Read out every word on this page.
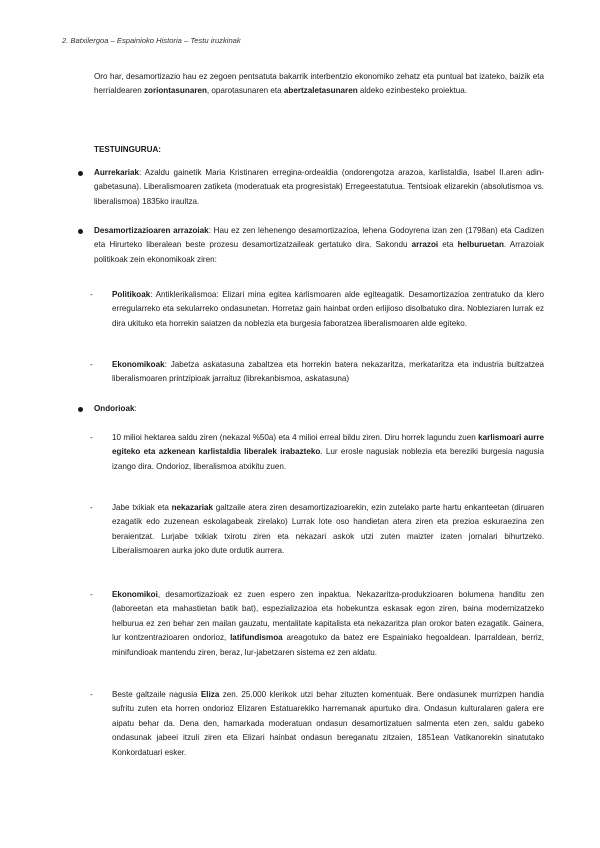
2. Batxilergoa – Espainioko Historia – Testu iruzkinak

Oro har, desamortizazio hau ez zegoen pentsatuta bakarrik interbentzio ekonomiko zehatz eta puntual bat izateko, baizik eta herrialdearen zoriontasunaren, oparotasunaren eta abertzaletasunaren aldeko ezinbesteko proiektua.

TESTUINGURUA:
Aurrekariak: Azaldu gainetik Maria Kristinaren erregina-ordealdia (ondorengotza arazoa, karlistaldia, Isabel II.aren adin-gabetasuna). Liberalismoaren zatiketa (moderatuak eta progresistak) Erregeestatutua. Tentsioak elizarekin (absolutismoa vs. liberalismoa) 1835ko iraultza.
Desamortizazioaren arrazoiak: Hau ez zen lehenengo desamortizazioa, lehena Godoyrena izan zen (1798an) eta Cadizen eta Hirurteko liberalean beste prozesu desamortizatzaileak gertatuko dira. Sakondu arrazoi eta helburuetan. Arrazoiak politikoak zein ekonomikoak ziren:
- Politikoak: Antiklerikalismoa: Elizari mina egitea karlismoaren alde egiteagatik. Desamortizazioa zentratuko da klero erregularreko eta sekularreko ondasunetan. Horretaz gain hainbat orden erlijioso disolbatuko dira. Nobleziaren lurrak ez dira ukituko eta horrekin saiatzen da noblezia eta burgesia faboratzea liberalismoaren alde egiteko.
- Ekonomikoak: Jabetza askatasuna zabaltzea eta horrekin batera nekazaritza, merkataritza eta industria bultzatzea liberalismoaren printzipioak jarraituz (librekanbismoa, askatasuna)
Ondorioak:
- 10 milioi hektarea saldu ziren (nekazal %50a) eta 4 milioi erreal bildu ziren. Diru horrek lagundu zuen karlismoari aurre egiteko eta azkenean karlistaldia liberalek irabazteko. Lur erosle nagusiak noblezia eta bereziki burgesia nagusia izango dira. Ondorioz, liberalismoa atxikitu zuen.
- Jabe txikiak eta nekazariak galtzaile atera ziren desamortizazioarekin, ezin zutelako parte hartu enkanteetan (diruaren ezagatik edo zuzenean eskolagabeak zirelako) Lurrak lote oso handietan atera ziren eta prezioa eskuraezina zen beraientzat. Lurjabe txikiak txirotu ziren eta nekazari askok utzi zuten maizter izaten jornalari bihurtzeko. Liberalismoaren aurka joko dute ordutik aurrera.
- Ekonomikoi, desamortizazioak ez zuen espero zen inpaktua. Nekazaritza-produkzioaren bolumena handitu zen (laboreetan eta mahastietan batik bat), espezializazioa eta hobekuntza eskasak egon ziren, baina modernizatzeko helburua ez zen behar zen mailan gauzatu, mentalitate kapitalista eta nekazaritza plan orokor baten ezagatik. Gainera, lur kontzentrazioaren ondorioz, latifundismoa areagotuko da batez ere Espainiako hegoaldean. Iparraldean, berriz, minifundioak mantendu ziren, beraz, lur-jabetzaren sistema ez zen aldatu.
- Beste galtzaile nagusia Eliza zen. 25.000 klerikok utzi behar zituzten komentuak. Bere ondasunek murrizpen handia sufritu zuten eta horren ondorioz Elizaren Estatuarekiko harremanak apurtuko dira. Ondasun kulturalaren galera ere aipatu behar da. Dena den, hamarkada moderatuan ondasun desamortizatuen salmenta eten zen, saldu gabeko ondasunak jabeei itzuli ziren eta Elizari hainbat ondasun bereganatu zitzaien, 1851ean Vatikanorekin sinatutako Konkordatuari esker.
